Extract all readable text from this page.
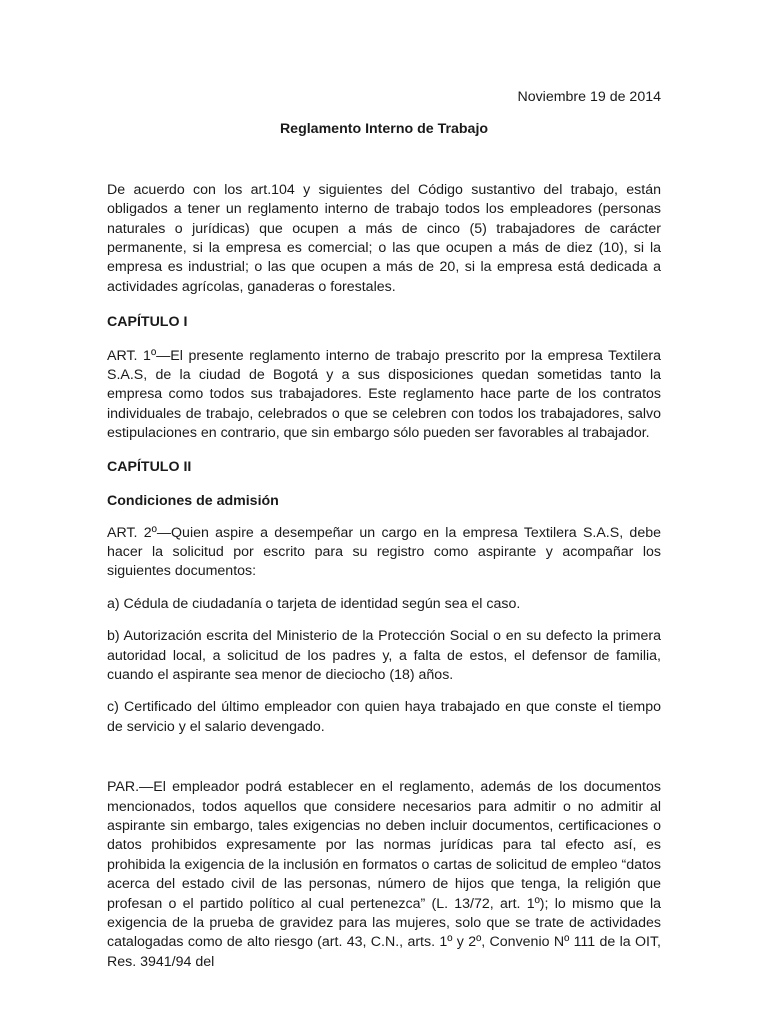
Noviembre 19 de 2014

Reglamento Interno de Trabajo

De acuerdo con los art.104 y siguientes del Código sustantivo del trabajo, están obligados a tener un reglamento interno de trabajo todos los empleadores (personas naturales o jurídicas) que ocupen a más de cinco (5) trabajadores de carácter permanente, si la empresa es comercial; o las que ocupen a más de diez (10), si la empresa es industrial; o las que ocupen a más de 20, si la empresa está dedicada a actividades agrícolas, ganaderas o forestales.

CAPÍTULO I

ART. 1º—El presente reglamento interno de trabajo prescrito por la empresa Textilera S.A.S, de la ciudad de Bogotá y a sus disposiciones quedan sometidas tanto la empresa como todos sus trabajadores. Este reglamento hace parte de los contratos individuales de trabajo, celebrados o que se celebren con todos los trabajadores, salvo estipulaciones en contrario, que sin embargo sólo pueden ser favorables al trabajador.

CAPÍTULO II

Condiciones de admisión

ART. 2º—Quien aspire a desempeñar un cargo en la empresa Textilera S.A.S, debe hacer la solicitud por escrito para su registro como aspirante y acompañar los siguientes documentos:

a) Cédula de ciudadanía o tarjeta de identidad según sea el caso.

b) Autorización escrita del Ministerio de la Protección Social o en su defecto la primera autoridad local, a solicitud de los padres y, a falta de estos, el defensor de familia, cuando el aspirante sea menor de dieciocho (18) años.

c) Certificado del último empleador con quien haya trabajado en que conste el tiempo de servicio y el salario devengado.

PAR.—El empleador podrá establecer en el reglamento, además de los documentos mencionados, todos aquellos que considere necesarios para admitir o no admitir al aspirante sin embargo, tales exigencias no deben incluir documentos, certificaciones o datos prohibidos expresamente por las normas jurídicas para tal efecto así, es prohibida la exigencia de la inclusión en formatos o cartas de solicitud de empleo “datos acerca del estado civil de las personas, número de hijos que tenga, la religión que profesan o el partido político al cual pertenezca” (L. 13/72, art. 1º); lo mismo que la exigencia de la prueba de gravidez para las mujeres, solo que se trate de actividades catalogadas como de alto riesgo (art. 43, C.N., arts. 1º y 2º, Convenio Nº 111 de la OIT, Res. 3941/94 del
